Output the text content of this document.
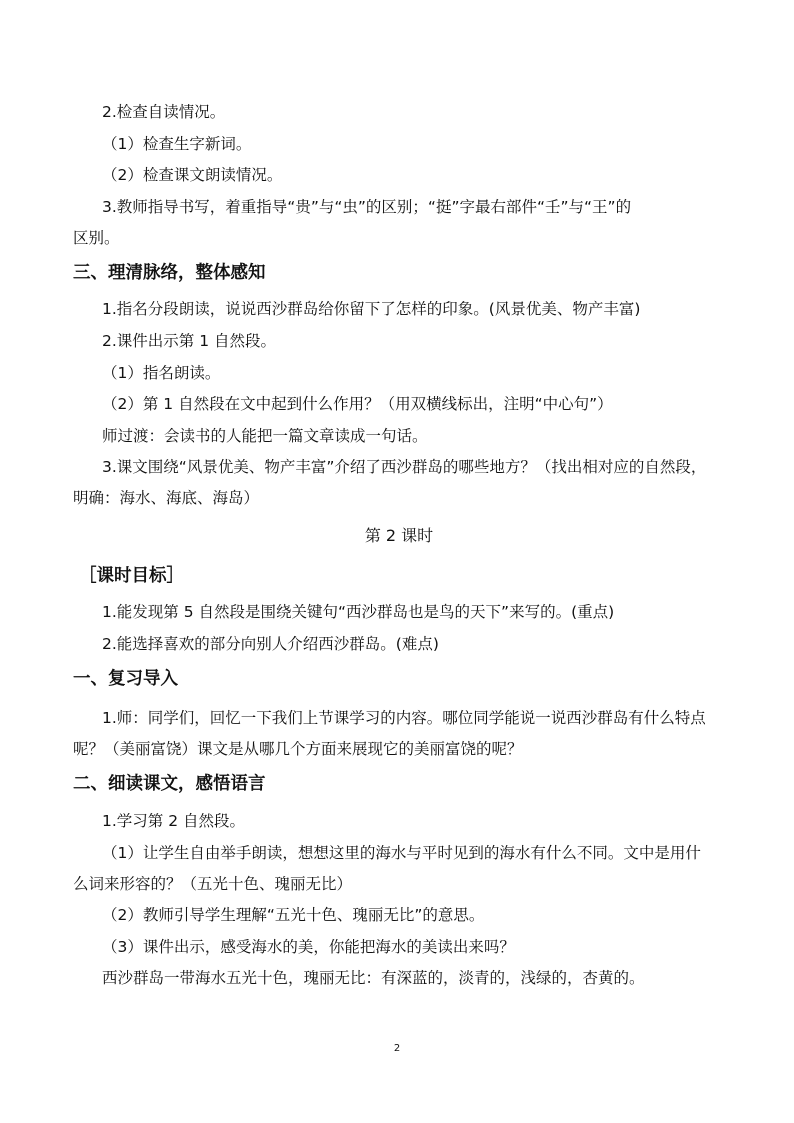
2.检查自读情况。
（1）检查生字新词。
（2）检查课文朗读情况。
3.教师指导书写，着重指导“贵”与“虫”的区别；“挺”字最右部件“壬”与“王”的
区别。
三、理清脉络，整体感知
1.指名分段朗读，说说西沙群岛给你留下了怎样的印象。(风景优美、物产丰富)
2.课件出示第 1 自然段。
（1）指名朗读。
（2）第 1 自然段在文中起到什么作用？（用双横线标出，注明“中心句”）
师过渡：会读书的人能把一篇文章读成一句话。
3.课文围绕“风景优美、物产丰富”介绍了西沙群岛的哪些地方？（找出相对应的自然段，
明确：海水、海底、海岛）
第 2 课时
［课时目标］
1.能发现第 5 自然段是围绕关键句“西沙群岛也是鸟的天下”来写的。(重点)
2.能选择喜欢的部分向别人介绍西沙群岛。(难点)
一、复习导入
1.师：同学们，回忆一下我们上节课学习的内容。哪位同学能说一说西沙群岛有什么特点
呢？（美丽富饶）课文是从哪几个方面来展现它的美丽富饶的呢？
二、细读课文，感悟语言
1.学习第 2 自然段。
（1）让学生自由举手朗读，想想这里的海水与平时见到的海水有什么不同。文中是用什
么词来形容的？（五光十色、瑰丽无比）
（2）教师引导学生理解“五光十色、瑰丽无比”的意思。
（3）课件出示，感受海水的美，你能把海水的美读出来吗？
西沙群岛一带海水五光十色，瑰丽无比：有深蓝的，淡青的，浅绿的，杏黄的。
2
